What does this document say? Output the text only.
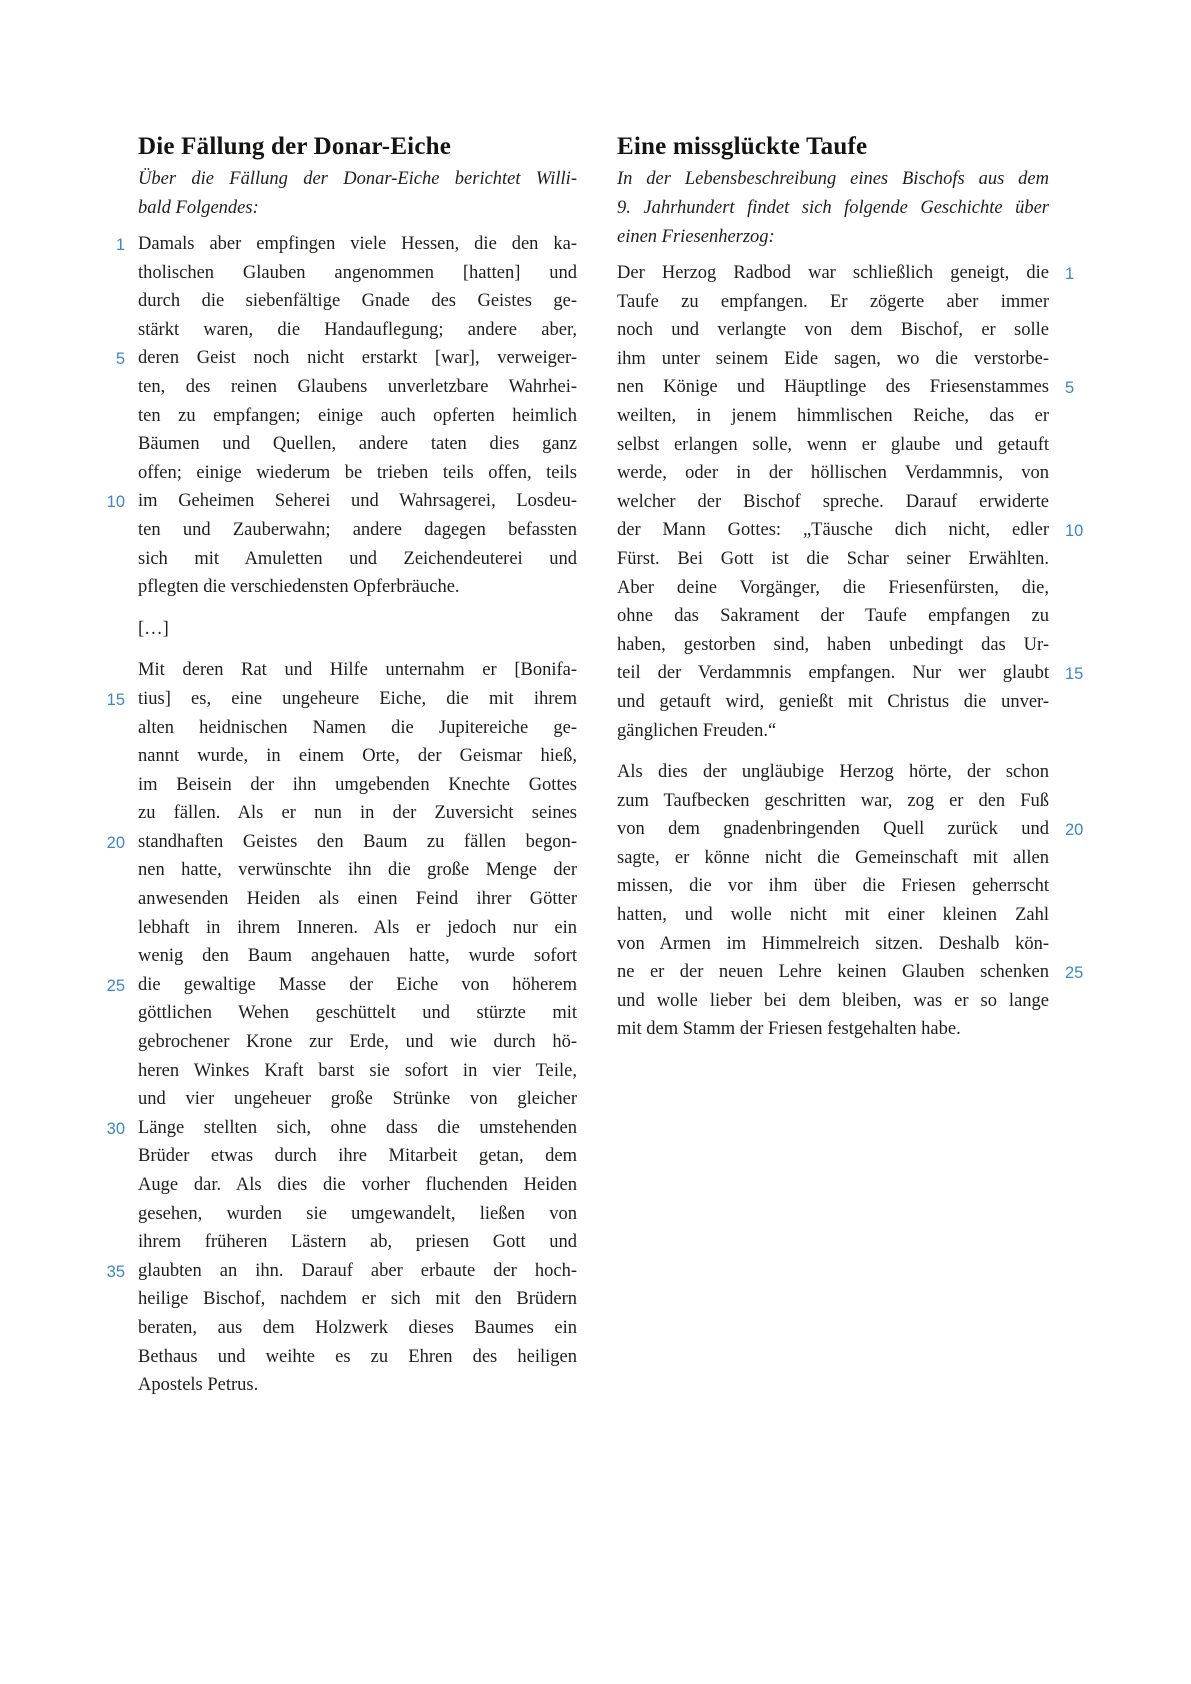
Die Fällung der Donar-Eiche
Über die Fällung der Donar-Eiche berichtet Willi-
bald Folgendes:
1 Damals aber empfingen viele Hessen, die den ka-
tholischen Glauben angenommen [hatten] und
durch die siebenfältige Gnade des Geistes ge-
stärkt waren, die Handauflegung; andere aber,
5 deren Geist noch nicht erstarkt [war], verweiger-
ten, des reinen Glaubens unverletzbare Wahrhei-
ten zu empfangen; einige auch opferten heimlich
Bäumen und Quellen, andere taten dies ganz
offen; einige wiederum be trieben teils offen, teils
10 im Geheimen Seherei und Wahrsagerei, Losdeu-
ten und Zauberwahn; andere dagegen befassten
sich mit Amuletten und Zeichendeuterei und
pflegten die verschiedensten Opferbräuche.
[…]
Mit deren Rat und Hilfe unternahm er [Bonifa-
15 tius] es, eine ungeheure Eiche, die mit ihrem
alten heidnischen Namen die Jupitereiche ge-
nannt wurde, in einem Orte, der Geismar hieß,
im Beisein der ihn umgebenden Knechte Gottes
zu fällen. Als er nun in der Zuversicht seines
20 standhaften Geistes den Baum zu fällen begon-
nen hatte, verwünschte ihn die große Menge der
anwesenden Heiden als einen Feind ihrer Götter
lebhaft in ihrem Inneren. Als er jedoch nur ein
wenig den Baum angehauen hatte, wurde sofort
25 die gewaltige Masse der Eiche von höherem
göttlichen Wehen geschüttelt und stürzte mit
gebrochener Krone zur Erde, und wie durch hö-
heren Winkes Kraft barst sie sofort in vier Teile,
und vier ungeheuer große Strünke von gleicher
30 Länge stellten sich, ohne dass die umstehenden
Brüder etwas durch ihre Mitarbeit getan, dem
Auge dar. Als dies die vorher fluchenden Heiden
gesehen, wurden sie umgewandelt, ließen von
ihrem früheren Lästern ab, priesen Gott und
35 glaubten an ihn. Darauf aber erbaute der hoch-
heilige Bischof, nachdem er sich mit den Brüdern
beraten, aus dem Holzwerk dieses Baumes ein
Bethaus und weihte es zu Ehren des heiligen
Apostels Petrus.
Eine missglückte Taufe
In der Lebensbeschreibung eines Bischofs aus dem
9. Jahrhundert findet sich folgende Geschichte über
einen Friesenherzog:
1
Der Herzog Radbod war schließlich geneigt, die
Taufe zu empfangen. Er zögerte aber immer
noch und verlangte von dem Bischof, er solle
ihm unter seinem Eide sagen, wo die verstorbe-
5
nen Könige und Häuptlinge des Friesenstammes
weilten, in jenem himmlischen Reiche, das er
selbst erlangen solle, wenn er glaube und getauft
werde, oder in der höllischen Verdammnis, von
welcher der Bischof spreche. Darauf erwiderte
10
der Mann Gottes: „Täusche dich nicht, edler
Fürst. Bei Gott ist die Schar seiner Erwählten.
Aber deine Vorgänger, die Friesenfürsten, die,
ohne das Sakrament der Taufe empfangen zu
haben, gestorben sind, haben unbedingt das Ur-
15
teil der Verdammnis empfangen. Nur wer glaubt
und getauft wird, genießt mit Christus die unver-
gänglichen Freuden.“
Als dies der ungläubige Herzog hörte, der schon
zum Taufbecken geschritten war, zog er den Fuß
20
von dem gnadenbringenden Quell zurück und
sagte, er könne nicht die Gemeinschaft mit allen
missen, die vor ihm über die Friesen geherrscht
hatten, und wolle nicht mit einer kleinen Zahl
von Armen im Himmelreich sitzen. Deshalb kön-
25
ne er der neuen Lehre keinen Glauben schenken
und wolle lieber bei dem bleiben, was er so lange
mit dem Stamm der Friesen festgehalten habe.
